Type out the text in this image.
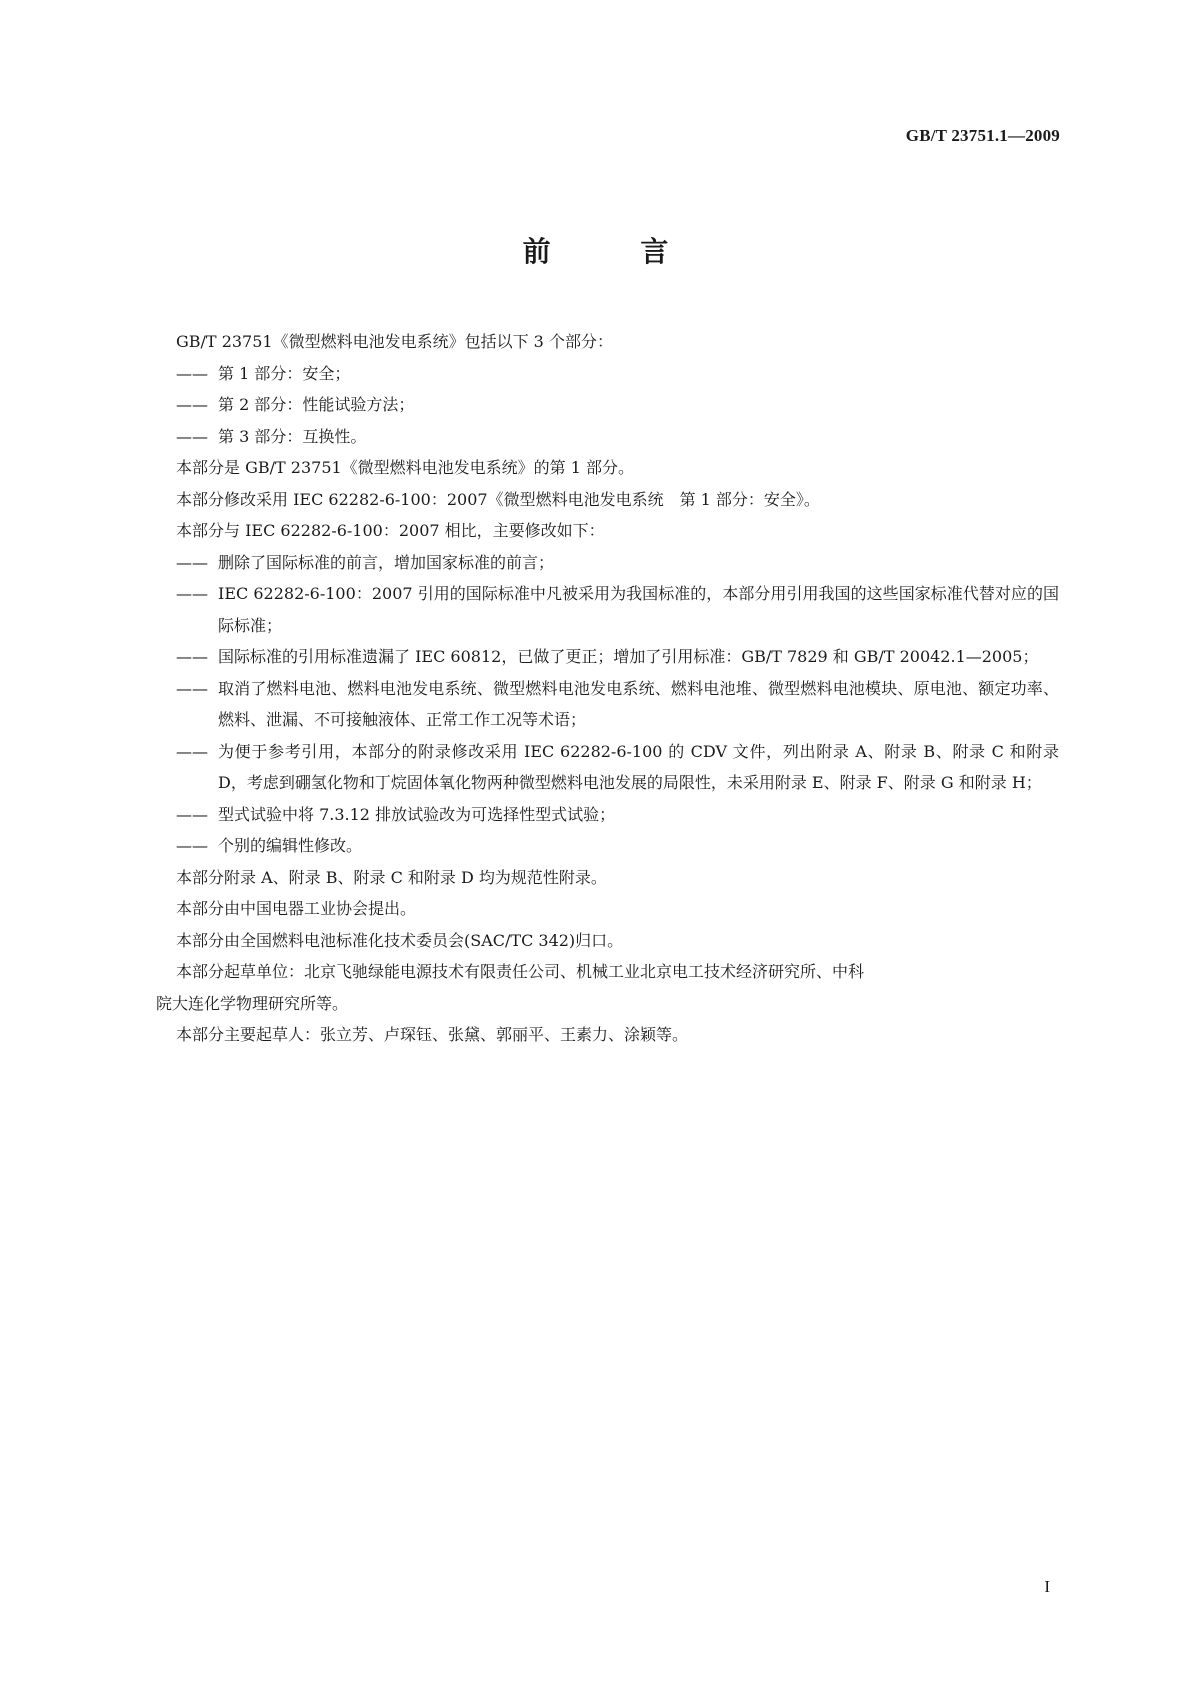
GB/T 23751.1—2009
前 言

GB/T 23751《微型燃料电池发电系统》包括以下 3 个部分：

—— 第 1 部分：安全；
—— 第 2 部分：性能试验方法；
—— 第 3 部分：互换性。

本部分是 GB/T 23751《微型燃料电池发电系统》的第 1 部分。

本部分修改采用 IEC 62282-6-100：2007《微型燃料电池发电系统　第 1 部分：安全》。

本部分与 IEC 62282-6-100：2007 相比，主要修改如下：

—— 删除了国际标准的前言，增加国家标准的前言；
—— IEC 62282-6-100：2007 引用的国际标准中凡被采用为我国标准的，本部分用引用我国的这些国家标准代替对应的国际标准；
—— 国际标准的引用标准遗漏了 IEC 60812，已做了更正；增加了引用标准：GB/T 7829 和 GB/T 20042.1—2005；
—— 取消了燃料电池、燃料电池发电系统、微型燃料电池发电系统、燃料电池堆、微型燃料电池模块、原电池、额定功率、燃料、泄漏、不可接触液体、正常工作工况等术语；
—— 为便于参考引用，本部分的附录修改采用 IEC 62282-6-100 的 CDV 文件，列出附录 A、附录 B、附录 C 和附录 D，考虑到硼氢化物和丁烷固体氧化物两种微型燃料电池发展的局限性，未采用附录 E、附录 F、附录 G 和附录 H；
—— 型式试验中将 7.3.12 排放试验改为可选择性型式试验；
—— 个别的编辑性修改。

本部分附录 A、附录 B、附录 C 和附录 D 均为规范性附录。

本部分由中国电器工业协会提出。

本部分由全国燃料电池标准化技术委员会(SAC/TC 342)归口。

本部分起草单位：北京飞驰绿能电源技术有限责任公司、机械工业北京电工技术经济研究所、中科
院大连化学物理研究所等。

本部分主要起草人：张立芳、卢琛钰、张黛、郭丽平、王素力、涂颖等。

I
